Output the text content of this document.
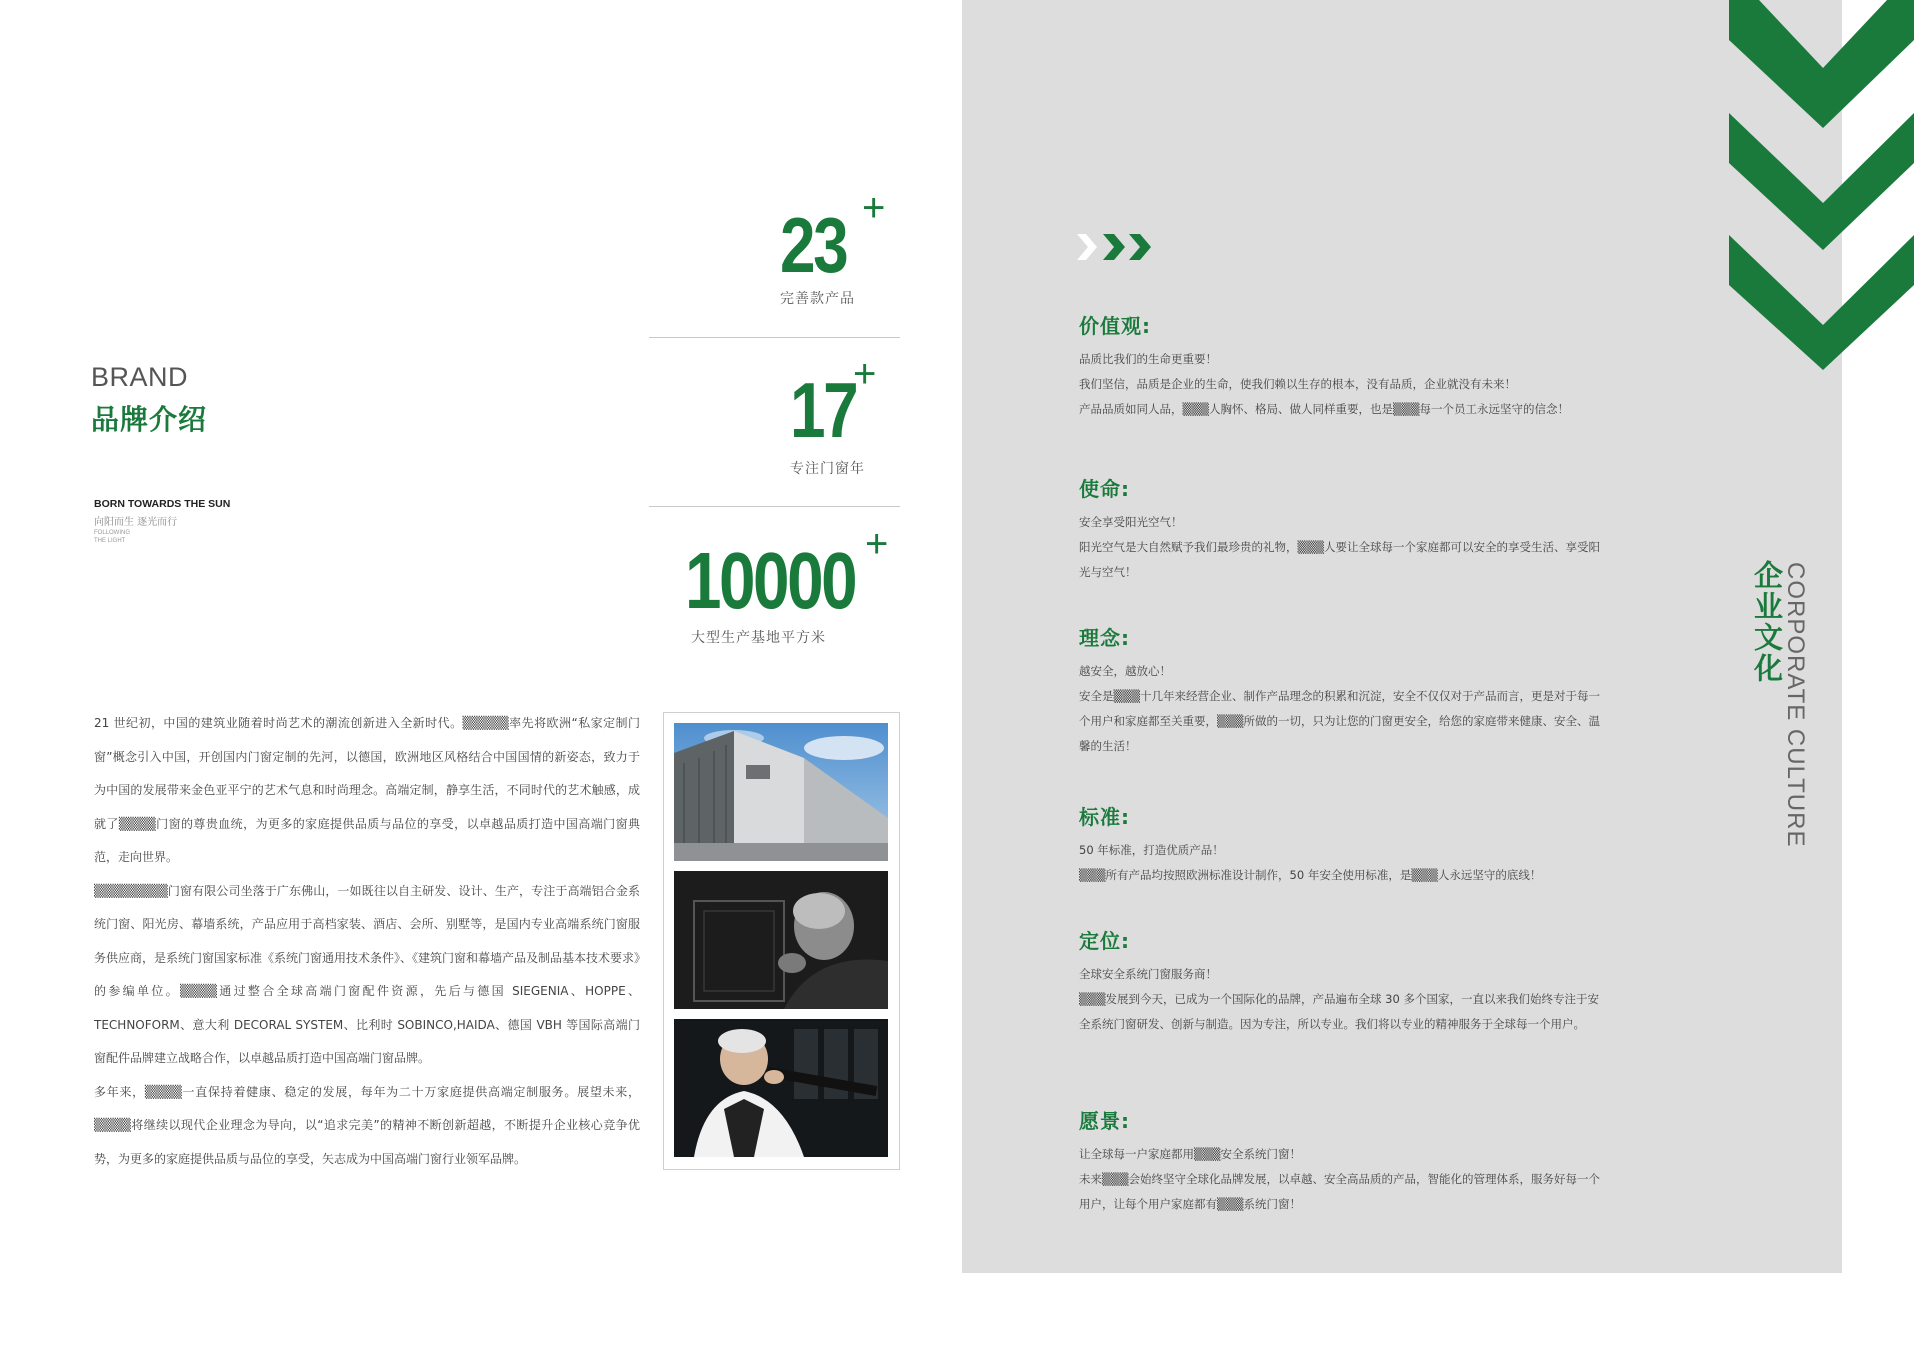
BRAND
品牌介绍
BORN TOWARDS THE SUN
向阳而生 逐光而行
FOLLOWING
THE LIGHT
23 +
完善款产品
17
+
专注门窗年
10000 +
大型生产基地平方米

21 世纪初，中国的建筑业随着时尚艺术的潮流创新进入全新时代。▒▒▒▒▒率先将欧洲“私家定制门窗”概念引入中国，开创国内门窗定制的先河，以德国，欧洲地区风格结合中国国情的新姿态，致力于为中国的发展带来金色亚平宁的艺术气息和时尚理念。高端定制，静享生活，不同时代的艺术触感，成就了▒▒▒▒门窗的尊贵血统，为更多的家庭提供品质与品位的享受，以卓越品质打造中国高端门窗典范，走向世界。

▒▒▒▒▒▒▒▒门窗有限公司坐落于广东佛山，一如既往以自主研发、设计、生产，专注于高端铝合金系统门窗、阳光房、幕墙系统，产品应用于高档家装、酒店、会所、别墅等，是国内专业高端系统门窗服务供应商，是系统门窗国家标准《系统门窗通用技术条件》、《建筑门窗和幕墙产品及制品基本技术要求》的参编单位。▒▒▒▒通过整合全球高端门窗配件资源，先后与德国 SIEGENIA、HOPPE、TECHNOFORM、意大利 DECORAL SYSTEM、比利时 SOBINCO,HAIDA、德国 VBH 等国际高端门窗配件品牌建立战略合作，以卓越品质打造中国高端门窗品牌。

多年来，▒▒▒▒一直保持着健康、稳定的发展，每年为二十万家庭提供高端定制服务。展望未来，▒▒▒▒将继续以现代企业理念为导向，以“追求完美”的精神不断创新超越，不断提升企业核心竞争优势，为更多的家庭提供品质与品位的享受，矢志成为中国高端门窗行业领军品牌。

价值观:

品质比我们的生命更重要！

我们坚信，品质是企业的生命，使我们赖以生存的根本，没有品质，企业就没有未来！

产品品质如同人品，▒▒▒人胸怀、格局、做人同样重要，也是▒▒▒每一个员工永远坚守的信念！

使命:

安全享受阳光空气！

阳光空气是大自然赋予我们最珍贵的礼物，▒▒▒人要让全球每一个家庭都可以安全的享受生活、享受阳光与空气！

理念:

越安全，越放心！

安全是▒▒▒十几年来经营企业、制作产品理念的积累和沉淀，安全不仅仅对于产品而言，更是对于每一个用户和家庭都至关重要，▒▒▒所做的一切，只为让您的门窗更安全，给您的家庭带来健康、安全、温馨的生活！

标准:

50 年标准，打造优质产品！

▒▒▒所有产品均按照欧洲标准设计制作，50 年安全使用标准，是▒▒▒人永远坚守的底线！

定位:

全球安全系统门窗服务商！

▒▒▒发展到今天，已成为一个国际化的品牌，产品遍布全球 30 多个国家，一直以来我们始终专注于安全系统门窗研发、创新与制造。因为专注，所以专业。我们将以专业的精神服务于全球每一个用户。

愿景:

让全球每一户家庭都用▒▒▒安全系统门窗！

未来▒▒▒会始终坚守全球化品牌发展，以卓越、安全高品质的产品，智能化的管理体系，服务好每一个用户，让每个用户家庭都有▒▒▒系统门窗！

企业文化
CORPORATE CULTURE
